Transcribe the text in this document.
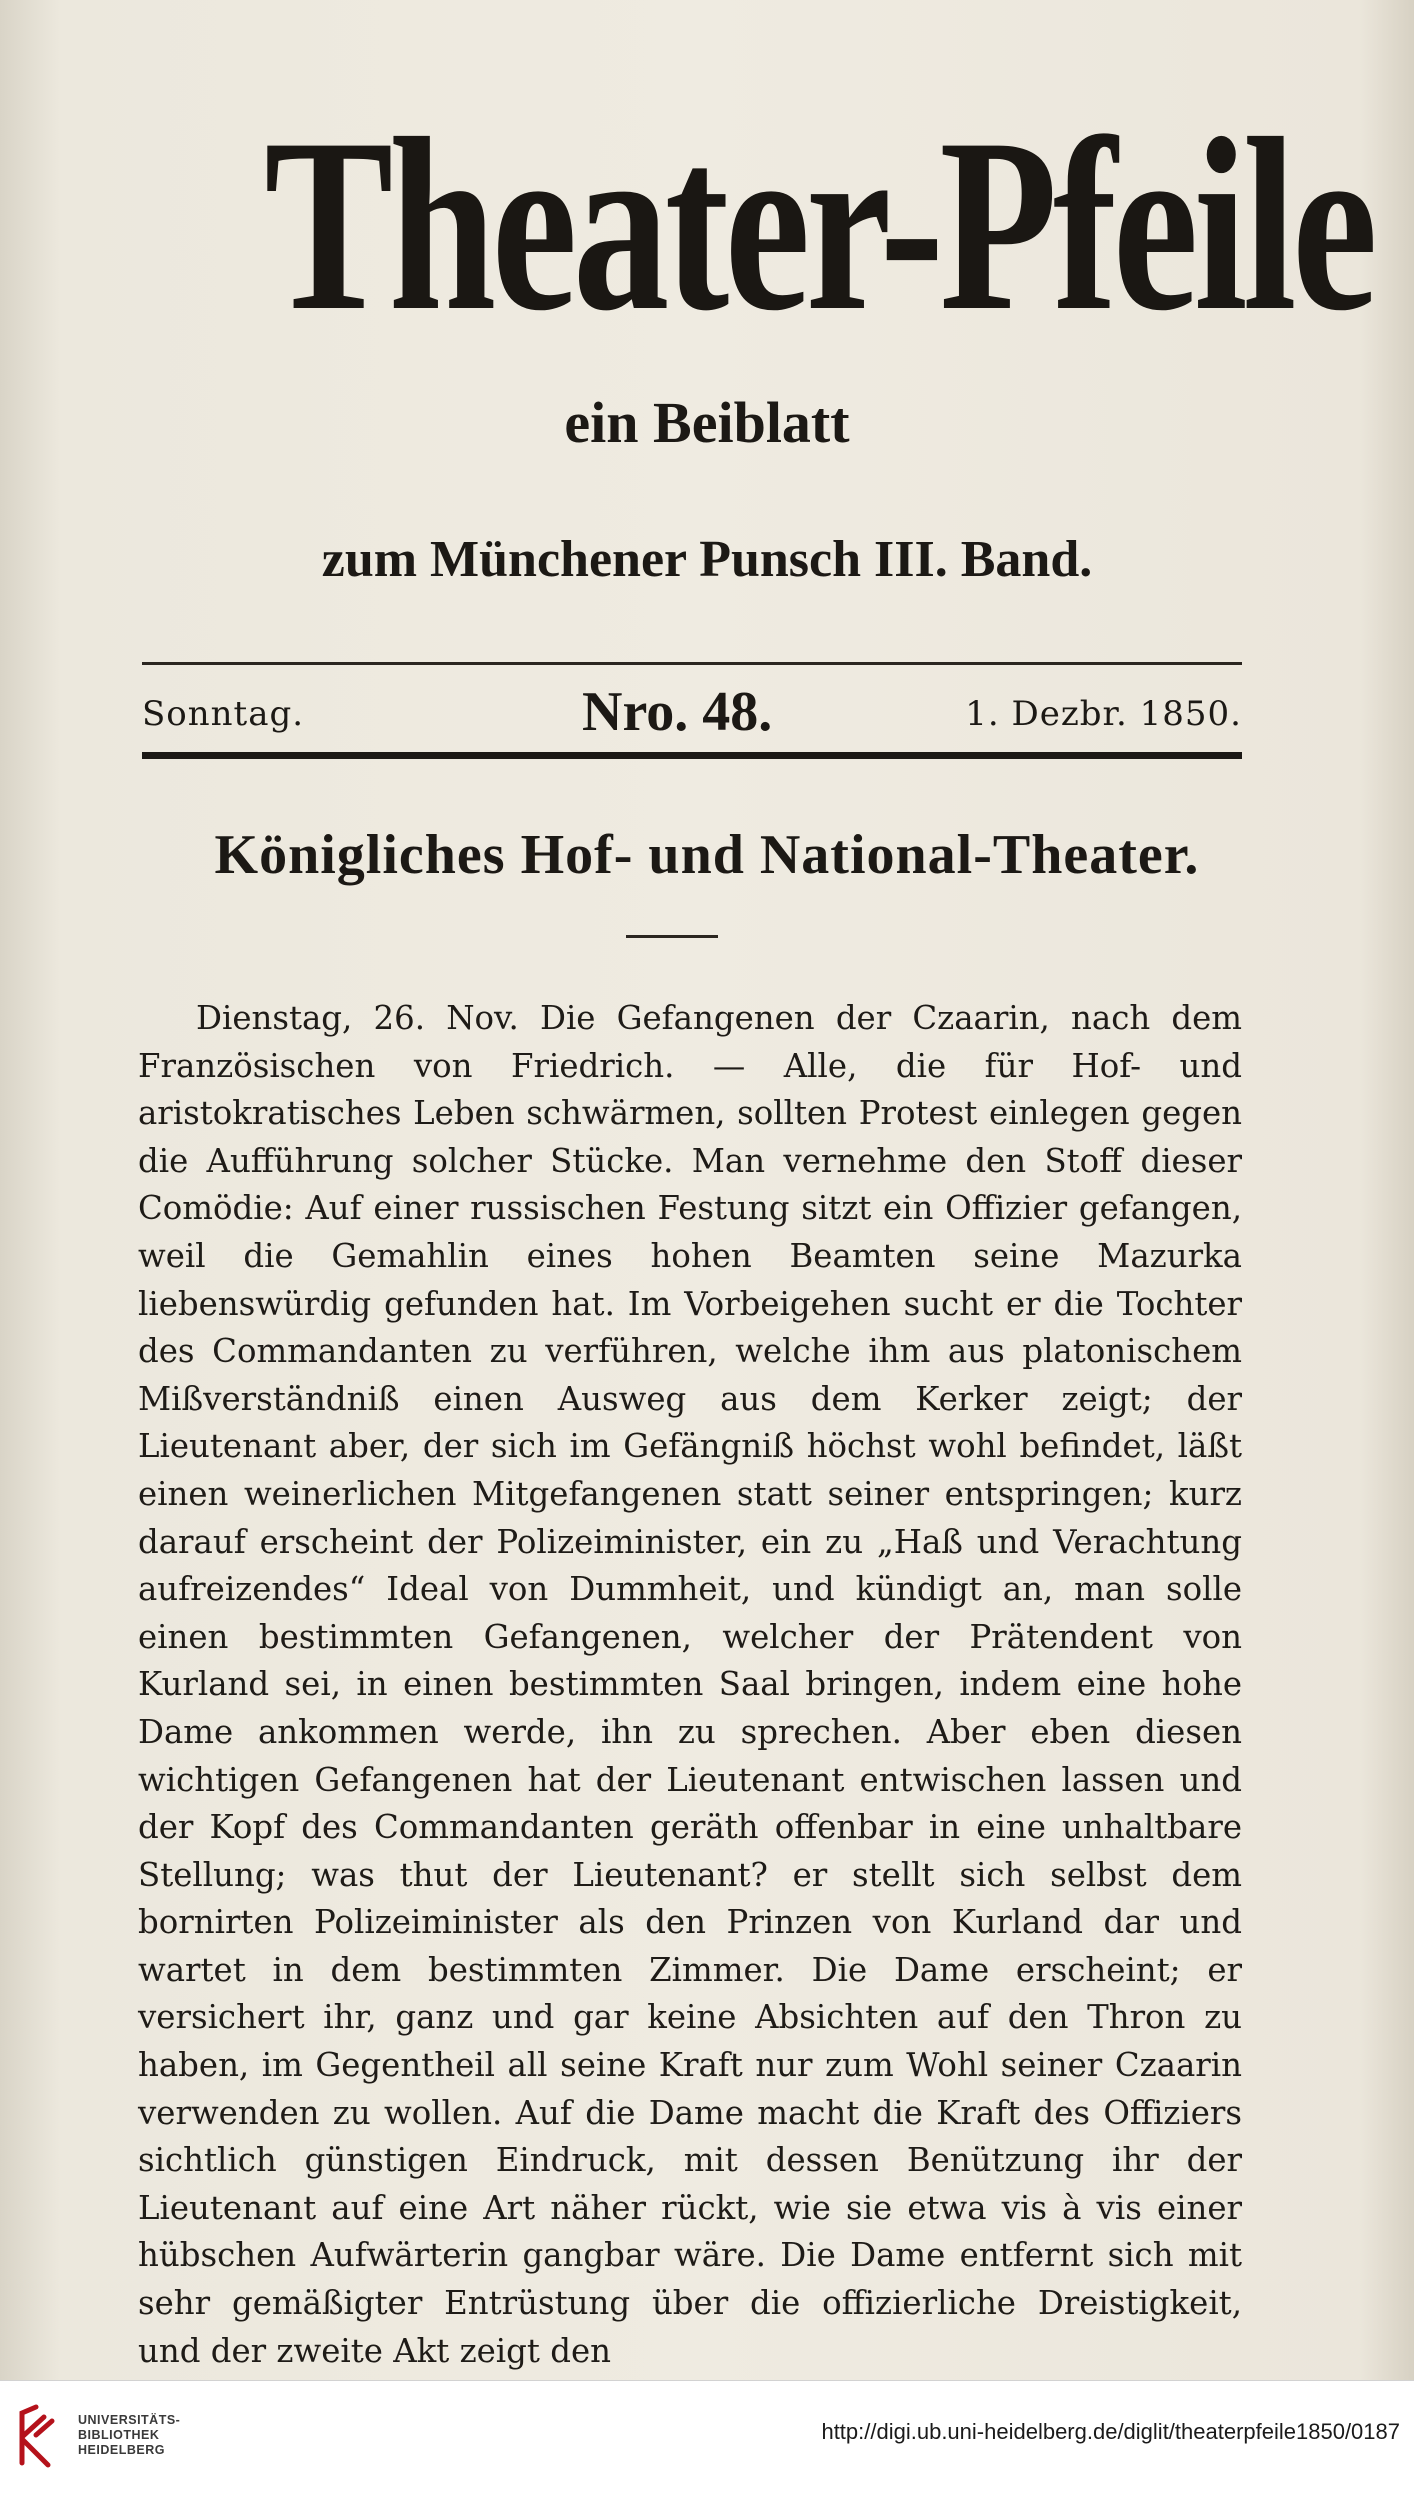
Theater-Pfeile
ein Beiblatt
zum Münchener Punsch III. Band.
Sonntag.	Nro. 48.	1. Dezbr. 1850.
Königliches Hof- und National-Theater.

Dienstag, 26. Nov. Die Gefangenen der Czaarin, nach dem Französischen von Friedrich. — Alle, die für Hof- und aristokratisches Leben schwärmen, sollten Protest einlegen gegen die Aufführung solcher Stücke. Man vernehme den Stoff dieser Comödie: Auf einer russischen Festung sitzt ein Offizier gefangen, weil die Gemahlin eines hohen Beamten seine Mazurka liebenswürdig gefunden hat. Im Vorbeigehen sucht er die Tochter des Commandanten zu verführen, welche ihm aus platonischem Mißverständniß einen Ausweg aus dem Kerker zeigt; der Lieutenant aber, der sich im Gefängniß höchst wohl befindet, läßt einen weinerlichen Mitgefangenen statt seiner entspringen; kurz darauf erscheint der Polizeiminister, ein zu „Haß und Verachtung aufreizendes“ Ideal von Dummheit, und kündigt an, man solle einen bestimmten Gefangenen, welcher der Prätendent von Kurland sei, in einen bestimmten Saal bringen, indem eine hohe Dame ankommen werde, ihn zu sprechen. Aber eben diesen wichtigen Gefangenen hat der Lieutenant entwischen lassen und der Kopf des Commandanten geräth offenbar in eine unhaltbare Stellung; was thut der Lieutenant? er stellt sich selbst dem bornirten Polizeiminister als den Prinzen von Kurland dar und wartet in dem bestimmten Zimmer. Die Dame erscheint; er versichert ihr, ganz und gar keine Absichten auf den Thron zu haben, im Gegentheil all seine Kraft nur zum Wohl seiner Czaarin verwenden zu wollen. Auf die Dame macht die Kraft des Offiziers sichtlich günstigen Eindruck, mit dessen Benützung ihr der Lieutenant auf eine Art näher rückt, wie sie etwa vis à vis einer hübschen Aufwärterin gangbar wäre. Die Dame entfernt sich mit sehr gemäßigter Entrüstung über die offizierliche Dreistigkeit, und der zweite Akt zeigt den

UNIVERSITÄTS-
BIBLIOTHEK
HEIDELBERG
http://digi.ub.uni-heidelberg.de/diglit/theaterpfeile1850/0187
